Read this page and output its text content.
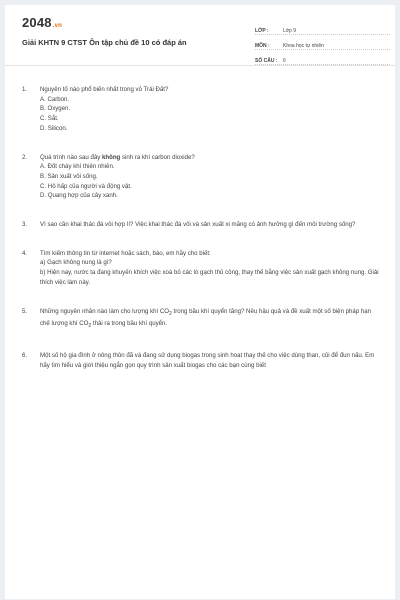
2048.vn
Giải KHTN 9 CTST Ôn tập chủ đề 10 có đáp án
LỚP :	Lớp 9
MÔN :	Khoa học tự nhiên
SỐ CÂU :	6
1.	Nguyên tố nào phổ biến nhất trong vỏ Trái Đất?
A. Carbon.
B. Oxygen.
C. Sắt.
D. Silicon.
2.	Quá trình nào sau đây không sinh ra khí carbon dioxide?
A. Đốt cháy khí thiên nhiên.
B. Sản xuất vôi sống.
C. Hô hấp của người và động vật.
D. Quang hợp của cây xanh.
3.	Vì sao cần khai thác đá vôi hợp lí? Việc khai thác đá vôi và sản xuất xi măng có ảnh hưởng gì đến môi trường sống?
4.	Tìm kiếm thông tin từ internet hoặc sách, báo, em hãy cho biết:
a) Gạch không nung là gì?
b) Hiện nay, nước ta đang khuyến khích việc xoá bỏ các lò gạch thủ công, thay thế bằng việc sản xuất gạch không nung. Giải thích việc làm này.
5.	Những nguyên nhân nào làm cho lượng khí $CO_2$ trong bầu khí quyển tăng? Nêu hậu quả và đề xuất một số biện pháp hạn chế lượng khí $CO_2$ thải ra trong bầu khí quyển.
6.	Một số hộ gia đình ở nông thôn đã và đang sử dụng biogas trong sinh hoạt thay thế cho việc dùng than, củi để đun nấu. Em hãy tìm hiểu và giới thiệu ngắn gọn quy trình sản xuất biogas cho các bạn cùng biết
